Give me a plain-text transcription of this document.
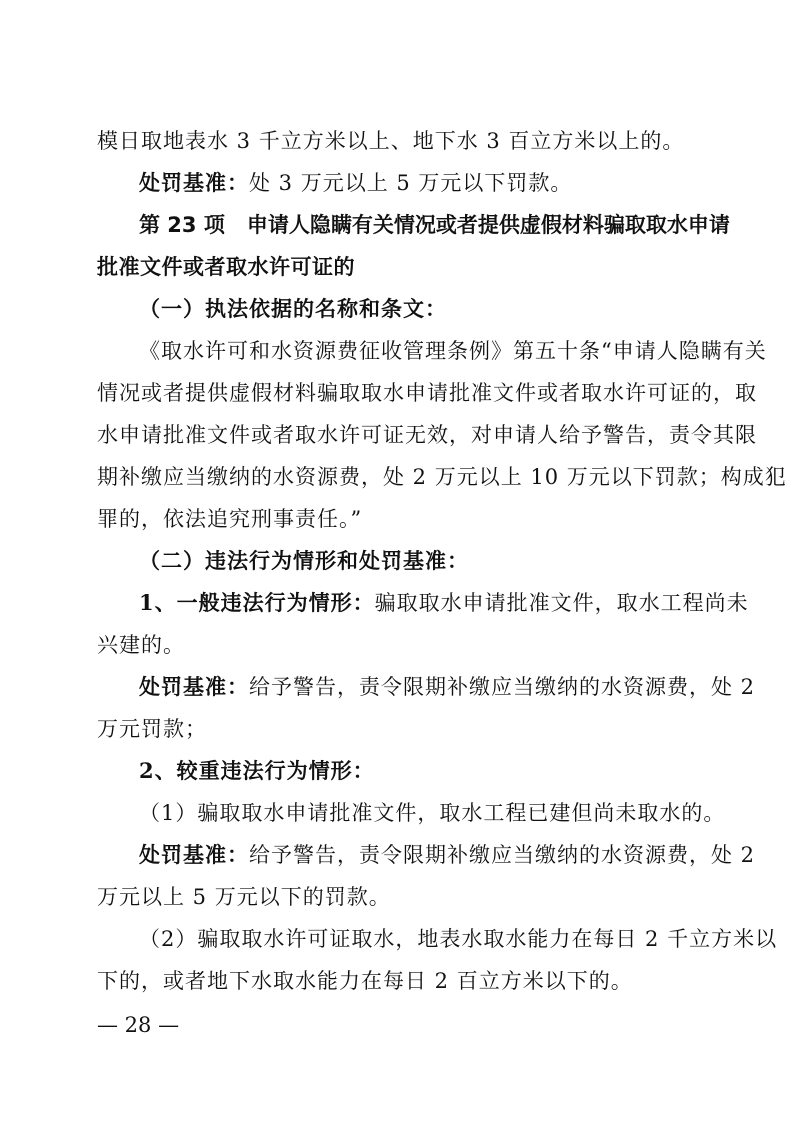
模日取地表水 3 千立方米以上、地下水 3 百立方米以上的。
处罚基准：处 3 万元以上 5 万元以下罚款。
第 23 项 申请人隐瞒有关情况或者提供虚假材料骗取取水申请
批准文件或者取水许可证的
（一）执法依据的名称和条文：
《取水许可和水资源费征收管理条例》第五十条“申请人隐瞒有关
情况或者提供虚假材料骗取取水申请批准文件或者取水许可证的，取
水申请批准文件或者取水许可证无效，对申请人给予警告，责令其限
期补缴应当缴纳的水资源费，处 2 万元以上 10 万元以下罚款；构成犯
罪的，依法追究刑事责任。”
（二）违法行为情形和处罚基准：
1、一般违法行为情形：骗取取水申请批准文件，取水工程尚未
兴建的。
处罚基准：给予警告，责令限期补缴应当缴纳的水资源费，处 2
万元罚款；
2、较重违法行为情形：
（1）骗取取水申请批准文件，取水工程已建但尚未取水的。
处罚基准：给予警告，责令限期补缴应当缴纳的水资源费，处 2
万元以上 5 万元以下的罚款。
（2）骗取取水许可证取水，地表水取水能力在每日 2 千立方米以
下的，或者地下水取水能力在每日 2 百立方米以下的。
— 28 —
